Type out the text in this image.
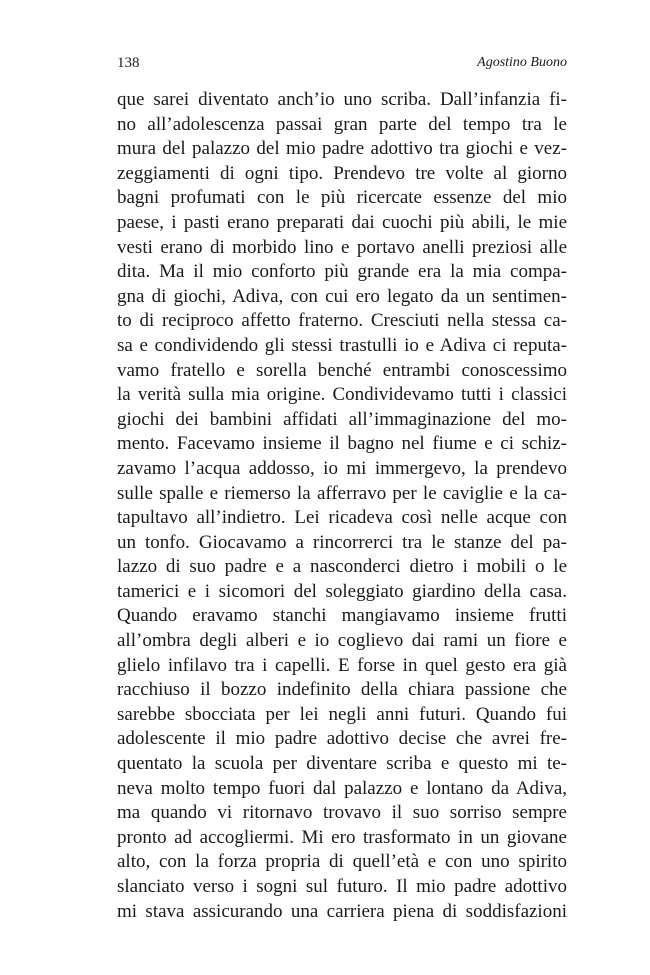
138	Agostino Buono
que sarei diventato anch’io uno scriba. Dall’infanzia fi-
no all’adolescenza passai gran parte del tempo tra le
mura del palazzo del mio padre adottivo tra giochi e vez-
zeggiamenti di ogni tipo. Prendevo tre volte al giorno
bagni profumati con le più ricercate essenze del mio
paese, i pasti erano preparati dai cuochi più abili, le mie
vesti erano di morbido lino e portavo anelli preziosi alle
dita. Ma il mio conforto più grande era la mia compa-
gna di giochi, Adiva, con cui ero legato da un sentimen-
to di reciproco affetto fraterno. Cresciuti nella stessa ca-
sa e condividendo gli stessi trastulli io e Adiva ci reputa-
vamo fratello e sorella benché entrambi conoscessimo
la verità sulla mia origine. Condividevamo tutti i classici
giochi dei bambini affidati all’immaginazione del mo-
mento. Facevamo insieme il bagno nel fiume e ci schiz-
zavamo l’acqua addosso, io mi immergevo, la prendevo
sulle spalle e riemerso la afferravo per le caviglie e la ca-
tapultavo all’indietro. Lei ricadeva così nelle acque con
un tonfo. Giocavamo a rincorrerci tra le stanze del pa-
lazzo di suo padre e a nasconderci dietro i mobili o le
tamerici e i sicomori del soleggiato giardino della casa.
Quando eravamo stanchi mangiavamo insieme frutti
all’ombra degli alberi e io coglievo dai rami un fiore e
glielo infilavo tra i capelli. E forse in quel gesto era già
racchiuso il bozzo indefinito della chiara passione che
sarebbe sbocciata per lei negli anni futuri. Quando fui
adolescente il mio padre adottivo decise che avrei fre-
quentato la scuola per diventare scriba e questo mi te-
neva molto tempo fuori dal palazzo e lontano da Adiva,
ma quando vi ritornavo trovavo il suo sorriso sempre
pronto ad accogliermi. Mi ero trasformato in un giovane
alto, con la forza propria di quell’età e con uno spirito
slanciato verso i sogni sul futuro. Il mio padre adottivo
mi stava assicurando una carriera piena di soddisfazioni
